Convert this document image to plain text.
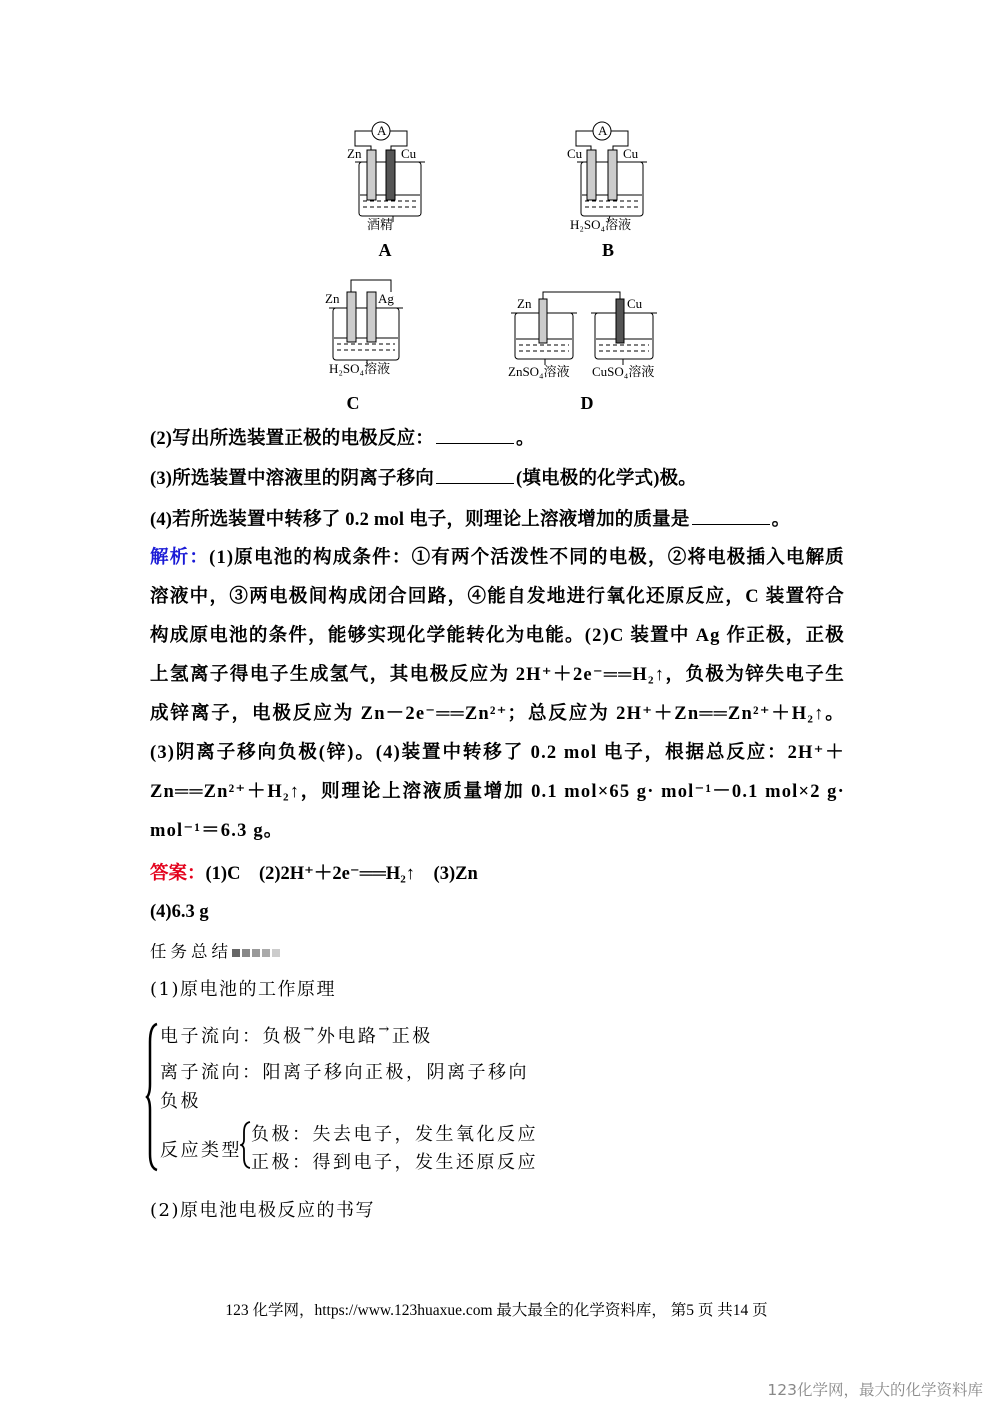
A
Zn	Cu
酒精
A
A
Cu	Cu
H₂SO₄溶液
B
Zn	Ag
H₂SO₄溶液
C
Zn	Cu
ZnSO₄溶液 CuSO₄溶液
D
(2)写出所选装置正极的电极反应：	。
(3)所选装置中溶液里的阴离子移向	(填电极的化学式)极。
(4)若所选装置中转移了 0.2 mol 电子，则理论上溶液增加的质量是	。
解析：(1)原电池的构成条件：①有两个活泼性不同的电极，②将电极插入电解质溶液中，③两电极间构成闭合回路，④能自发地进行氧化还原反应，C 装置符合构成原电池的条件，能够实现化学能转化为电能。(2)C 装置中 Ag 作正极，正极上氢离子得电子生成氢气，其电极反应为 2H⁺＋2e⁻══H₂↑，负极为锌失电子生成锌离子，电极反应为 Zn－2e⁻══Zn²⁺；总反应为 2H⁺＋Zn══Zn²⁺＋H₂↑。(3)阴离子移向负极(锌)。(4)装置中转移了 0.2 mol 电子，根据总反应：2H⁺＋Zn══Zn²⁺＋H₂↑，则理论上溶液质量增加 0.1 mol×65 g· mol⁻¹－0.1 mol×2 g· mol⁻¹＝6.3 g。
答案：(1)C　(2)2H⁺＋2e⁻══H₂↑　(3)Zn
(4)6.3 g
任务总结
(1)原电池的工作原理
电子流向：负极→外电路→正极
离子流向：阳离子移向正极，阴离子移向
负极
反应类型
负极：失去电子，发生氧化反应
正极：得到电子，发生还原反应
(2)原电池电极反应的书写
123 化学网，https://www.123huaxue.com 最大最全的化学资料库， 第5 页 共14 页
123化学网，最大的化学资料库
